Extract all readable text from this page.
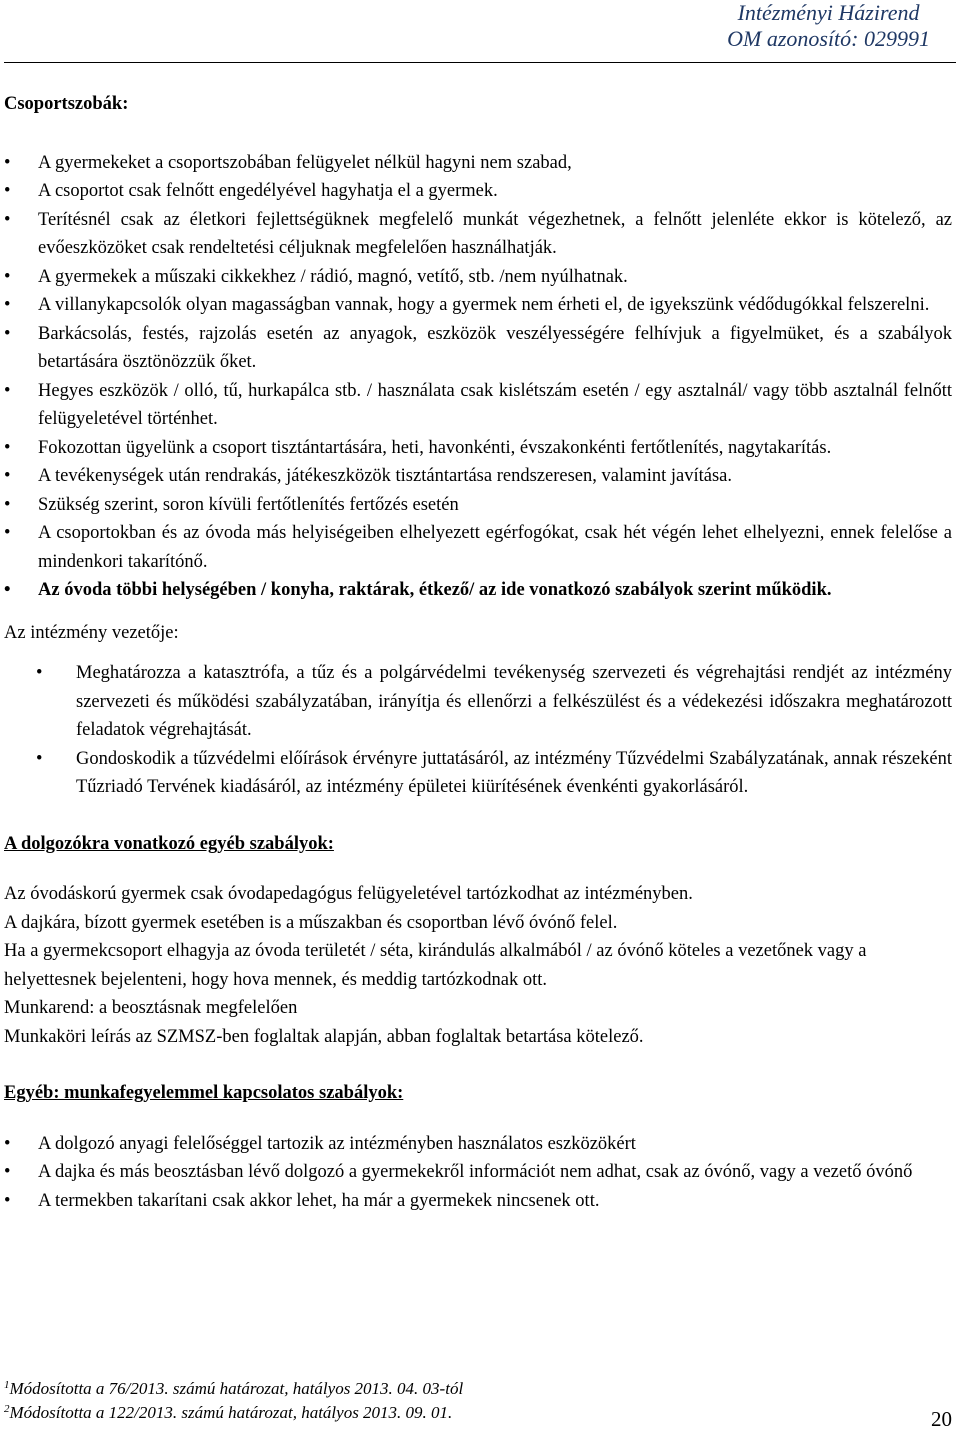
Intézményi Házirend
OM azonosító: 029991
Csoportszobák:
• A gyermekeket a csoportszobában felügyelet nélkül hagyni nem szabad,
• A csoportot csak felnőtt engedélyével hagyhatja el a gyermek.
• Terítésnél csak az életkori fejlettségüknek megfelelő munkát végezhetnek, a felnőtt jelenléte ekkor is kötelező, az evőeszközöket csak rendeltetési céljuknak megfelelően használhatják.
• A gyermekek a műszaki cikkekhez / rádió, magnó, vetítő, stb. /nem nyúlhatnak.
• A villanykapcsolók olyan magasságban vannak, hogy a gyermek nem érheti el, de igyekszünk védődugókkal felszerelni.
• Barkácsolás, festés, rajzolás esetén az anyagok, eszközök veszélyességére felhívjuk a figyelmüket, és a szabályok betartására ösztönözzük őket.
• Hegyes eszközök / olló, tű, hurkapálca stb. / használata csak kislétszám esetén / egy asztalnál/ vagy több asztalnál felnőtt felügyeletével történhet.
• Fokozottan ügyelünk a csoport tisztántartására, heti, havonkénti, évszakonkénti fertőtlenítés, nagytakarítás.
• A tevékenységek után rendrakás, játékeszközök tisztántartása rendszeresen, valamint javítása.
• Szükség szerint, soron kívüli fertőtlenítés fertőzés esetén
• A csoportokban és az óvoda más helyiségeiben elhelyezett egérfogókat, csak hét végén lehet elhelyezni, ennek felelőse a mindenkori takarítónő.
• Az óvoda többi helységében / konyha, raktárak, étkező/ az ide vonatkozó szabályok szerint működik.
Az intézmény vezetője:
• Meghatározza a katasztrófa, a tűz és a polgárvédelmi tevékenység szervezeti és végrehajtási rendjét az intézmény szervezeti és működési szabályzatában, irányítja és ellenőrzi a felkészülést és a védekezési időszakra meghatározott feladatok végrehajtását.
• Gondoskodik a tűzvédelmi előírások érvényre juttatásáról, az intézmény Tűzvédelmi Szabályzatának, annak részeként Tűzriadó Tervének kiadásáról, az intézmény épületei kiürítésének évenkénti gyakorlásáról.
A dolgozókra vonatkozó egyéb szabályok:

Az óvodáskorú gyermek csak óvodapedagógus felügyeletével tartózkodhat az intézményben.

A dajkára, bízott gyermek esetében is a műszakban és csoportban lévő óvónő felel.

Ha a gyermekcsoport elhagyja az óvoda területét / séta, kirándulás alkalmából / az óvónő köteles a vezetőnek vagy a helyettesnek bejelenteni, hogy hova mennek, és meddig tartózkodnak ott.

Munkarend: a beosztásnak megfelelően

Munkaköri leírás az SZMSZ-ben foglaltak alapján, abban foglaltak betartása kötelező.

Egyéb: munkafegyelemmel kapcsolatos szabályok:
• A dolgozó anyagi felelőséggel tartozik az intézményben használatos eszközökért
• A dajka és más beosztásban lévő dolgozó a gyermekekről információt nem adhat, csak az óvónő, vagy a vezető óvónő
• A termekben takarítani csak akkor lehet, ha már a gyermekek nincsenek ott.
$^1$Módosította a 76/2013. számú határozat, hatályos 2013. 04. 03-tól
$^2$Módosította a 122/2013. számú határozat, hatályos 2013. 09. 01.	20
